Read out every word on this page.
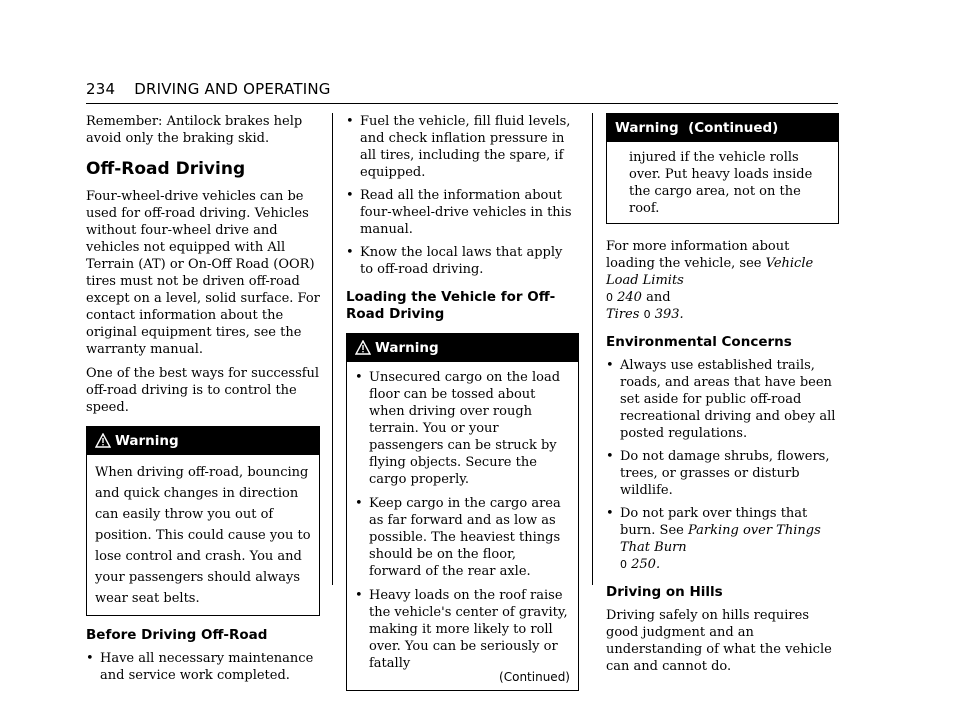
234 DRIVING AND OPERATING

Remember: Antilock brakes help avoid only the braking skid.

Off-Road Driving

Four-wheel-drive vehicles can be used for off-road driving. Vehicles without four-wheel drive and vehicles not equipped with All Terrain (AT) or On-Off Road (OOR) tires must not be driven off-road except on a level, solid surface. For contact information about the original equipment tires, see the warranty manual.

One of the best ways for successful off-road driving is to control the speed.

Warning
When driving off-road, bouncing and quick changes in direction can easily throw you out of position. This could cause you to lose control and crash. You and your passengers should always wear seat belts.
Before Driving Off-Road
• Have all necessary maintenance and service work completed.
• Fuel the vehicle, fill fluid levels, and check inflation pressure in all tires, including the spare, if equipped.
• Read all the information about four-wheel-drive vehicles in this manual.
• Know the local laws that apply to off-road driving.
Loading the Vehicle for Off-Road Driving
Warning
• Unsecured cargo on the load floor can be tossed about when driving over rough terrain. You or your passengers can be struck by flying objects. Secure the cargo properly.
• Keep cargo in the cargo area as far forward and as low as possible. The heaviest things should be on the floor, forward of the rear axle.
• Heavy loads on the roof raise the vehicle's center of gravity, making it more likely to roll over. You can be seriously or fatally
(Continued)
Warning  (Continued)
injured if the vehicle rolls over. Put heavy loads inside the cargo area, not on the roof.

For more information about loading the vehicle, see Vehicle Load Limits
0 240 and
Tires 0 393.

Environmental Concerns
• Always use established trails, roads, and areas that have been set aside for public off-road recreational driving and obey all posted regulations.
• Do not damage shrubs, flowers, trees, or grasses or disturb wildlife.
• Do not park over things that burn. See Parking over Things That Burn
0 250.
Driving on Hills

Driving safely on hills requires good judgment and an understanding of what the vehicle can and cannot do.
